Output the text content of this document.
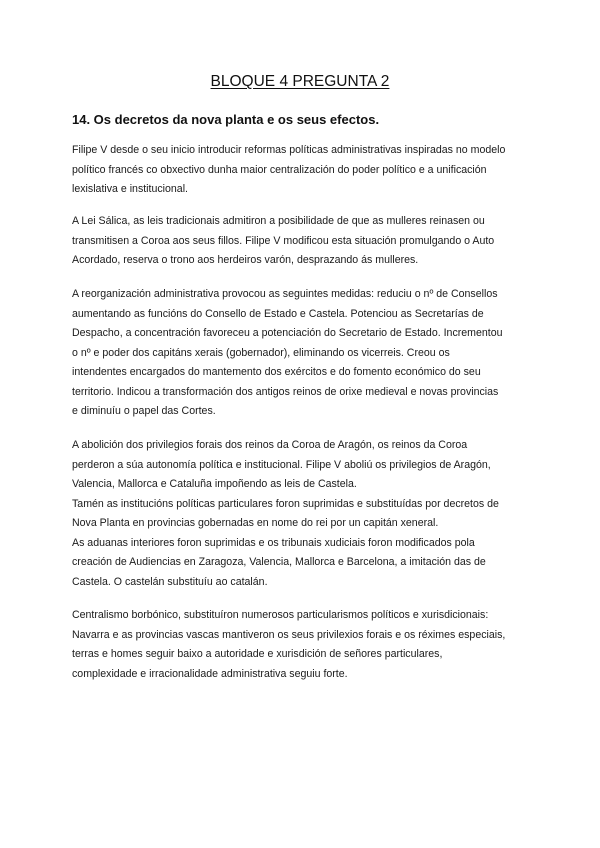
BLOQUE 4 PREGUNTA 2
14. Os decretos da nova planta e os seus efectos.
Filipe V desde o seu inicio introducir reformas políticas administrativas inspiradas no modelo
político francés co obxectivo dunha maior centralización do poder político e a unificación
lexislativa e institucional.
A Lei Sálica, as leis tradicionais admitiron a posibilidade de que as mulleres reinasen ou
transmitisen a Coroa aos seus fillos. Filipe V modificou esta situación promulgando o Auto
Acordado, reserva o trono aos herdeiros varón, desprazando ás mulleres.
A reorganización administrativa provocou as seguintes medidas: reduciu o nº de Consellos
aumentando as funcións do Consello de Estado e Castela. Potenciou as Secretarías de
Despacho, a concentración favoreceu a potenciación do Secretario de Estado. Incrementou
o nº e poder dos capitáns xerais (gobernador), eliminando os vicerreis. Creou os
intendentes encargados do mantemento dos exércitos e do fomento económico do seu
territorio. Indicou a transformación dos antigos reinos de orixe medieval e novas provincias
e diminuíu o papel das Cortes.
A abolición dos privilegios forais dos reinos da Coroa de Aragón, os reinos da Coroa
perderon a súa autonomía política e institucional. Filipe V aboliú os privilegios de Aragón,
Valencia, Mallorca e Cataluña impoñendo as leis de Castela.
Tamén as institucións políticas particulares foron suprimidas e substituídas por decretos de
Nova Planta en provincias gobernadas en nome do rei por un capitán xeneral.
As aduanas interiores foron suprimidas e os tribunais xudiciais foron modificados pola
creación de Audiencias en Zaragoza, Valencia, Mallorca e Barcelona, a imitación das de
Castela. O castelán substituíu ao catalán.
Centralismo borbónico, substituíron numerosos particularismos políticos e xurisdicionais:
Navarra e as provincias vascas mantiveron os seus privilexios forais e os réximes especiais,
terras e homes seguir baixo a autoridade e xurisdición de señores particulares,
complexidade e irracionalidade administrativa seguiu forte.
